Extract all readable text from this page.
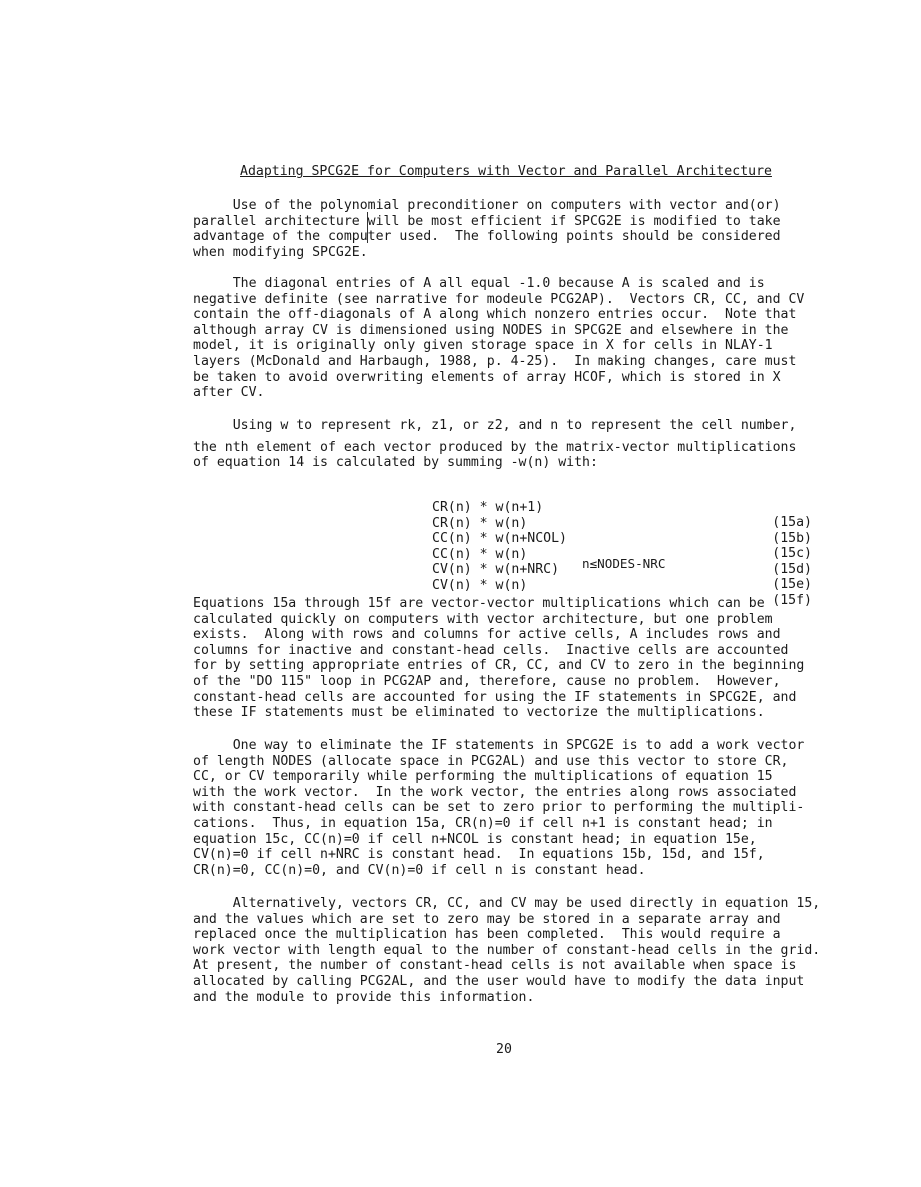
Adapting SPCG2E for Computers with Vector and Parallel Architecture

Use of the polynomial preconditioner on computers with vector and(or)
parallel architecture will be most efficient if SPCG2E is modified to take
advantage of the computer used.  The following points should be considered
when modifying SPCG2E.

The diagonal entries of A all equal -1.0 because A is scaled and is
negative definite (see narrative for modeule PCG2AP).  Vectors CR, CC, and CV
contain the off-diagonals of A along which nonzero entries occur.  Note that
although array CV is dimensioned using NODES in SPCG2E and elsewhere in the
model, it is originally only given storage space in X for cells in NLAY-1
layers (McDonald and Harbaugh, 1988, p. 4-25).  In making changes, care must
be taken to avoid overwriting elements of array HCOF, which is stored in X
after CV.

Using w to represent rk, z1, or z2, and n to represent the cell number,
the nth element of each vector produced by the matrix-vector multiplications
of equation 14 is calculated by summing -w(n) with:

CR(n) * w(n+1)

(15a)

CR(n) * w(n)

(15b)

CC(n) * w(n+NCOL)

(15c)

CC(n) * w(n)

(15d)

CV(n) * w(n+NRC)

(15e)

CV(n) * w(n)

(15f)

n≤NODES-NRC

Equations 15a through 15f are vector-vector multiplications which can be
calculated quickly on computers with vector architecture, but one problem
exists.  Along with rows and columns for active cells, A includes rows and
columns for inactive and constant-head cells.  Inactive cells are accounted
for by setting appropriate entries of CR, CC, and CV to zero in the beginning
of the "DO 115" loop in PCG2AP and, therefore, cause no problem.  However,
constant-head cells are accounted for using the IF statements in SPCG2E, and
these IF statements must be eliminated to vectorize the multiplications.

One way to eliminate the IF statements in SPCG2E is to add a work vector
of length NODES (allocate space in PCG2AL) and use this vector to store CR,
CC, or CV temporarily while performing the multiplications of equation 15
with the work vector.  In the work vector, the entries along rows associated
with constant-head cells can be set to zero prior to performing the multipli-
cations.  Thus, in equation 15a, CR(n)=0 if cell n+1 is constant head; in
equation 15c, CC(n)=0 if cell n+NCOL is constant head; in equation 15e,
CV(n)=0 if cell n+NRC is constant head.  In equations 15b, 15d, and 15f,
CR(n)=0, CC(n)=0, and CV(n)=0 if cell n is constant head.

Alternatively, vectors CR, CC, and CV may be used directly in equation 15,
and the values which are set to zero may be stored in a separate array and
replaced once the multiplication has been completed.  This would require a
work vector with length equal to the number of constant-head cells in the grid.
At present, the number of constant-head cells is not available when space is
allocated by calling PCG2AL, and the user would have to modify the data input
and the module to provide this information.

20
